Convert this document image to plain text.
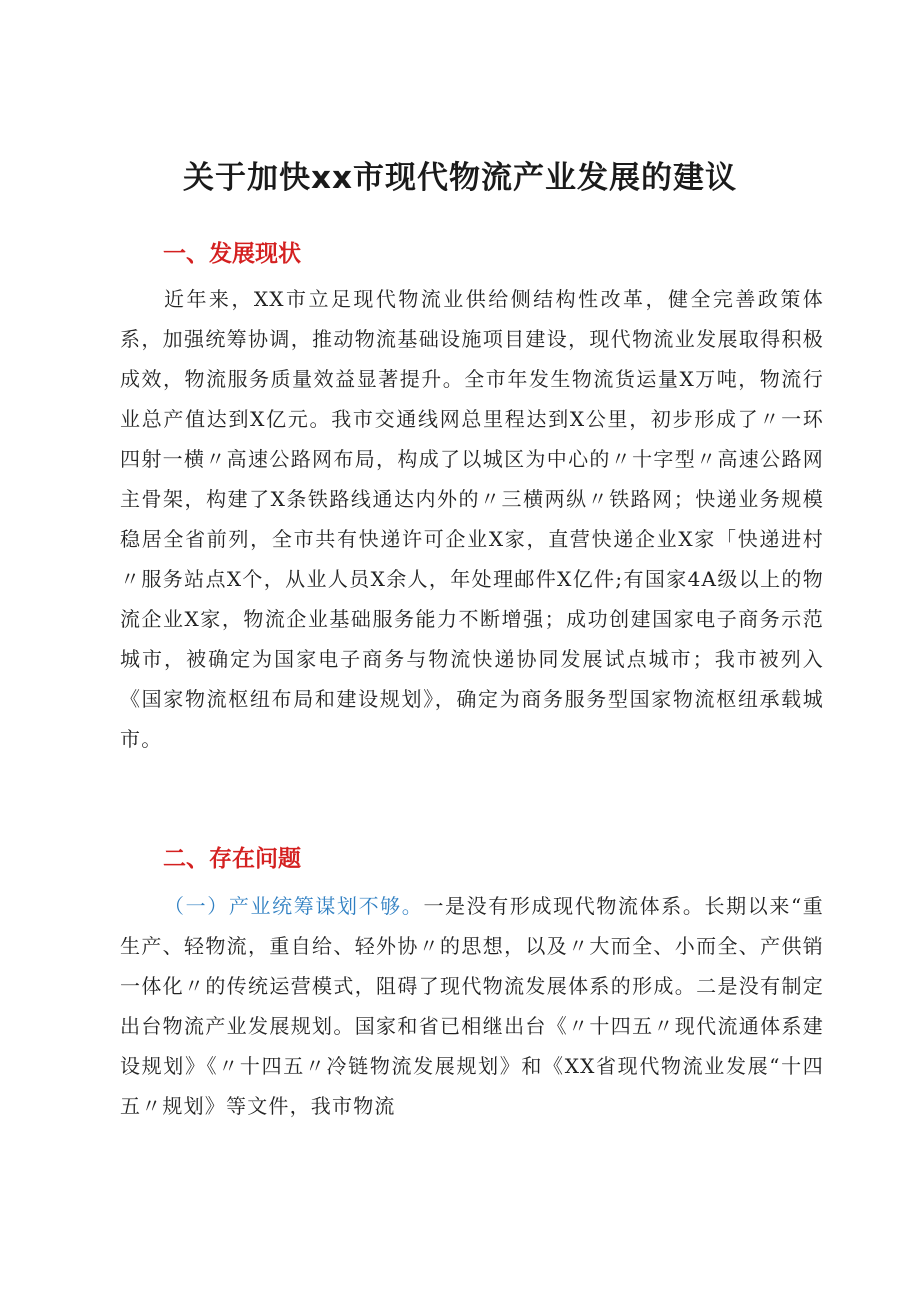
关于加快xx市现代物流产业发展的建议
一、发展现状

近年来，XX市立足现代物流业供给侧结构性改革，健全完善政策体系，加强统筹协调，推动物流基础设施项目建设，现代物流业发展取得积极成效，物流服务质量效益显著提升。全市年发生物流货运量X万吨，物流行业总产值达到X亿元。我市交通线网总里程达到X公里，初步形成了〃一环四射一横〃高速公路网布局，构成了以城区为中心的〃十字型〃高速公路网主骨架，构建了X条铁路线通达内外的〃三横两纵〃铁路网；快递业务规模稳居全省前列，全市共有快递许可企业X家，直营快递企业X家「快递进村〃服务站点X个，从业人员X余人，年处理邮件X亿件;有国家4A级以上的物流企业X家，物流企业基础服务能力不断增强；成功创建国家电子商务示范城市，被确定为国家电子商务与物流快递协同发展试点城市；我市被列入《国家物流枢纽布局和建设规划》，确定为商务服务型国家物流枢纽承载城市。

二、存在问题

（一）产业统筹谋划不够。一是没有形成现代物流体系。长期以来“重生产、轻物流，重自给、轻外协〃的思想，以及〃大而全、小而全、产供销一体化〃的传统运营模式，阻碍了现代物流发展体系的形成。二是没有制定出台物流产业发展规划。国家和省已相继出台《〃十四五〃现代流通体系建设规划》《〃十四五〃冷链物流发展规划》和《XX省现代物流业发展“十四五〃规划》等文件，我市物流
